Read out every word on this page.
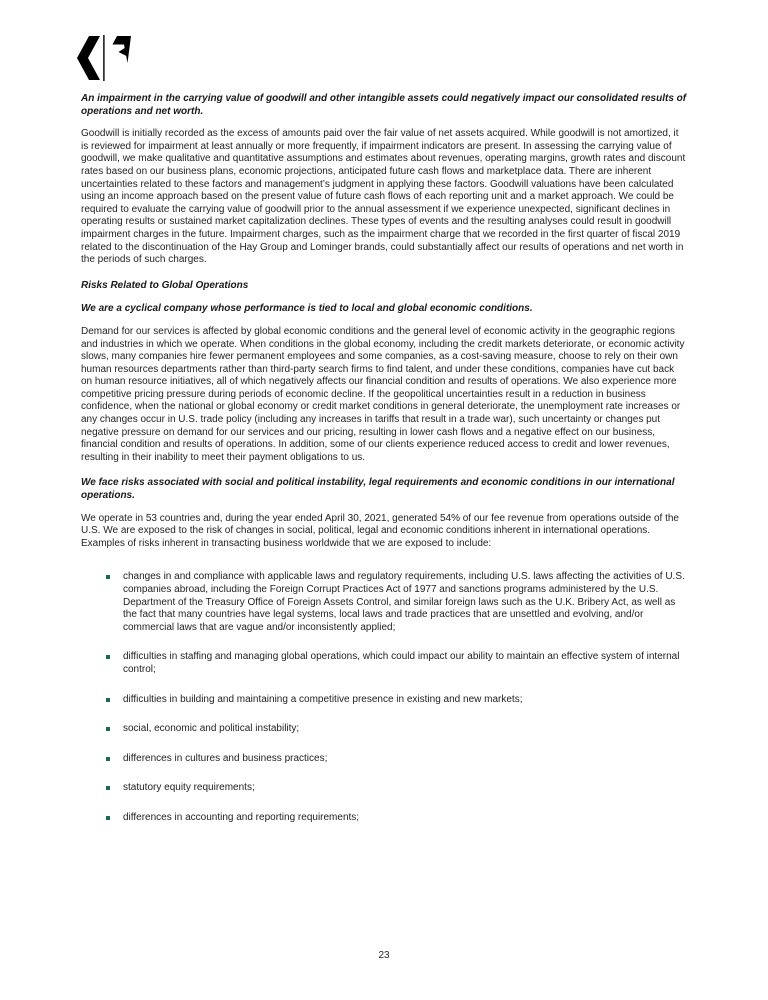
An impairment in the carrying value of goodwill and other intangible assets could negatively impact our consolidated results of operations and net worth.

Goodwill is initially recorded as the excess of amounts paid over the fair value of net assets acquired. While goodwill is not amortized, it is reviewed for impairment at least annually or more frequently, if impairment indicators are present. In assessing the carrying value of goodwill, we make qualitative and quantitative assumptions and estimates about revenues, operating margins, growth rates and discount rates based on our business plans, economic projections, anticipated future cash flows and marketplace data. There are inherent uncertainties related to these factors and management’s judgment in applying these factors. Goodwill valuations have been calculated using an income approach based on the present value of future cash flows of each reporting unit and a market approach. We could be required to evaluate the carrying value of goodwill prior to the annual assessment if we experience unexpected, significant declines in operating results or sustained market capitalization declines. These types of events and the resulting analyses could result in goodwill impairment charges in the future. Impairment charges, such as the impairment charge that we recorded in the first quarter of fiscal 2019 related to the discontinuation of the Hay Group and Lominger brands, could substantially affect our results of operations and net worth in the periods of such charges.

Risks Related to Global Operations
We are a cyclical company whose performance is tied to local and global economic conditions.

Demand for our services is affected by global economic conditions and the general level of economic activity in the geographic regions and industries in which we operate. When conditions in the global economy, including the credit markets deteriorate, or economic activity slows, many companies hire fewer permanent employees and some companies, as a cost-saving measure, choose to rely on their own human resources departments rather than third-party search firms to find talent, and under these conditions, companies have cut back on human resource initiatives, all of which negatively affects our financial condition and results of operations. We also experience more competitive pricing pressure during periods of economic decline. If the geopolitical uncertainties result in a reduction in business confidence, when the national or global economy or credit market conditions in general deteriorate, the unemployment rate increases or any changes occur in U.S. trade policy (including any increases in tariffs that result in a trade war), such uncertainty or changes put negative pressure on demand for our services and our pricing, resulting in lower cash flows and a negative effect on our business, financial condition and results of operations. In addition, some of our clients experience reduced access to credit and lower revenues, resulting in their inability to meet their payment obligations to us.

We face risks associated with social and political instability, legal requirements and economic conditions in our international operations.

We operate in 53 countries and, during the year ended April 30, 2021, generated 54% of our fee revenue from operations outside of the U.S. We are exposed to the risk of changes in social, political, legal and economic conditions inherent in international operations. Examples of risks inherent in transacting business worldwide that we are exposed to include:

changes in and compliance with applicable laws and regulatory requirements, including U.S. laws affecting the activities of U.S. companies abroad, including the Foreign Corrupt Practices Act of 1977 and sanctions programs administered by the U.S. Department of the Treasury Office of Foreign Assets Control, and similar foreign laws such as the U.K. Bribery Act, as well as the fact that many countries have legal systems, local laws and trade practices that are unsettled and evolving, and/or commercial laws that are vague and/or inconsistently applied;
difficulties in staffing and managing global operations, which could impact our ability to maintain an effective system of internal control;
difficulties in building and maintaining a competitive presence in existing and new markets;
social, economic and political instability;
differences in cultures and business practices;
statutory equity requirements;
differences in accounting and reporting requirements;
23
